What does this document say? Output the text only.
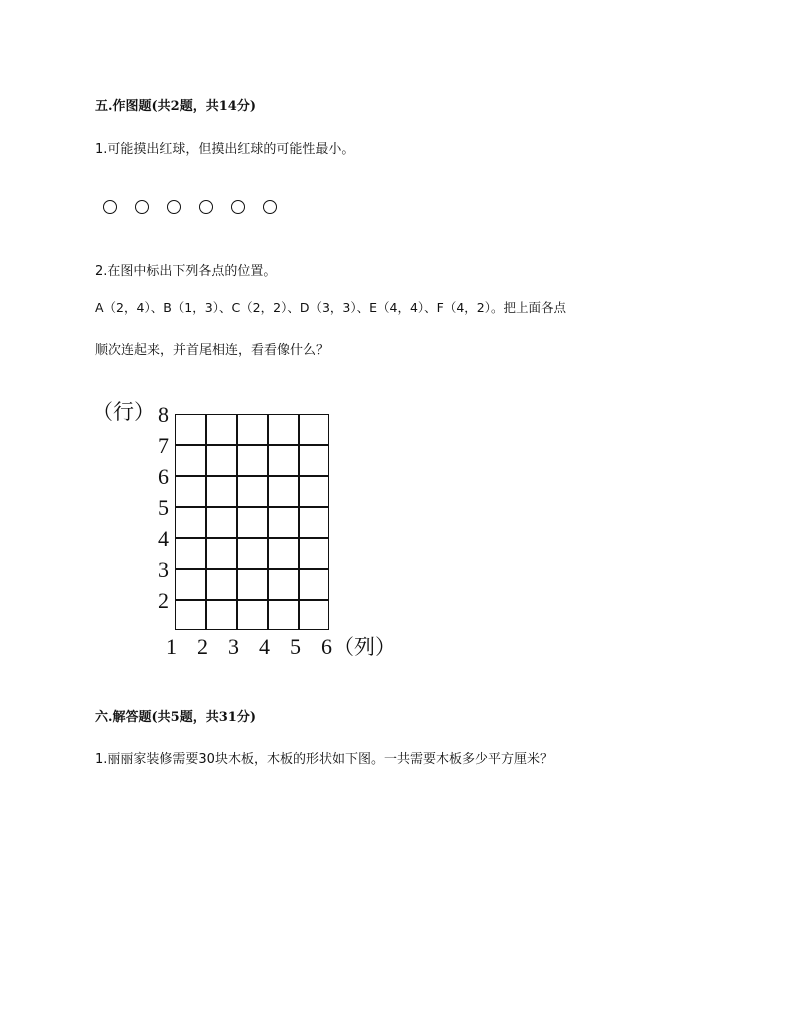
五.作图题(共2题，共14分)
1.可能摸出红球，但摸出红球的可能性最小。
2.在图中标出下列各点的位置。
A（2，4）、B（1，3）、C（2，2）、D（3，3）、E（4，4）、F（4，2）。把上面各点
顺次连起来，并首尾相连，看看像什么？
（行） 8
7
6
5
4
3
2
1 2 3 4 5 6 （列）
六.解答题(共5题，共31分)
1.丽丽家装修需要30块木板，木板的形状如下图。一共需要木板多少平方厘米？
